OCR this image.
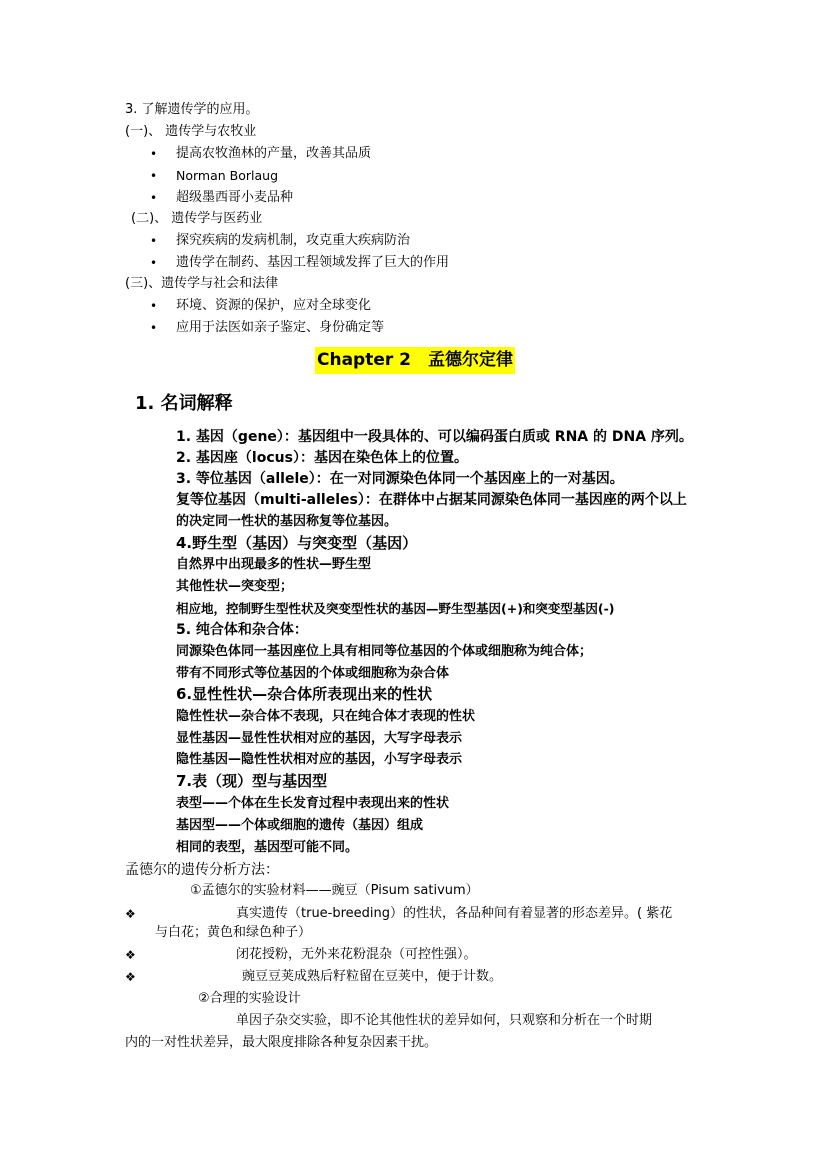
3. 了解遗传学的应用。
(一)、 遗传学与农牧业
• 提高农牧渔林的产量，改善其品质
• Norman Borlaug
• 超级墨西哥小麦品种
(二)、 遗传学与医药业
• 探究疾病的发病机制，攻克重大疾病防治
• 遗传学在制药、基因工程领域发挥了巨大的作用
(三)、遗传学与社会和法律
• 环境、资源的保护，应对全球变化
• 应用于法医如亲子鉴定、身份确定等
Chapter 2　孟德尔定律
1. 名词解释
1. 基因（gene）：基因组中一段具体的、可以编码蛋白质或 RNA 的 DNA 序列。
2. 基因座（locus）：基因在染色体上的位置。
3. 等位基因（allele）：在一对同源染色体同一个基因座上的一对基因。
复等位基因（multi-alleles）：在群体中占据某同源染色体同一基因座的两个以上
的决定同一性状的基因称复等位基因。
4.野生型（基因）与突变型（基因）
自然界中出现最多的性状—野生型
其他性状—突变型；
相应地，控制野生型性状及突变型性状的基因—野生型基因(+)和突变型基因(-)
5. 纯合体和杂合体：
同源染色体同一基因座位上具有相同等位基因的个体或细胞称为纯合体；
带有不同形式等位基因的个体或细胞称为杂合体
6.显性性状—杂合体所表现出来的性状
隐性性状—杂合体不表现，只在纯合体才表现的性状
显性基因—显性性状相对应的基因，大写字母表示
隐性基因—隐性性状相对应的基因，小写字母表示
7.表（现）型与基因型
表型——个体在生长发育过程中表现出来的性状
基因型——个体或细胞的遗传（基因）组成
相同的表型，基因型可能不同。
孟德尔的遗传分析方法：
①孟德尔的实验材料——豌豆（Pisum sativum）
❖	真实遗传（true-breeding）的性状，各品种间有着显著的形态差异。( 紫花
与白花；黄色和绿色种子）
❖	闭花授粉，无外来花粉混杂（可控性强）。
❖	豌豆豆荚成熟后籽粒留在豆荚中，便于计数。
②合理的实验设计
单因子杂交实验，即不论其他性状的差异如何，只观察和分析在一个时期
内的一对性状差异，最大限度排除各种复杂因素干扰。
